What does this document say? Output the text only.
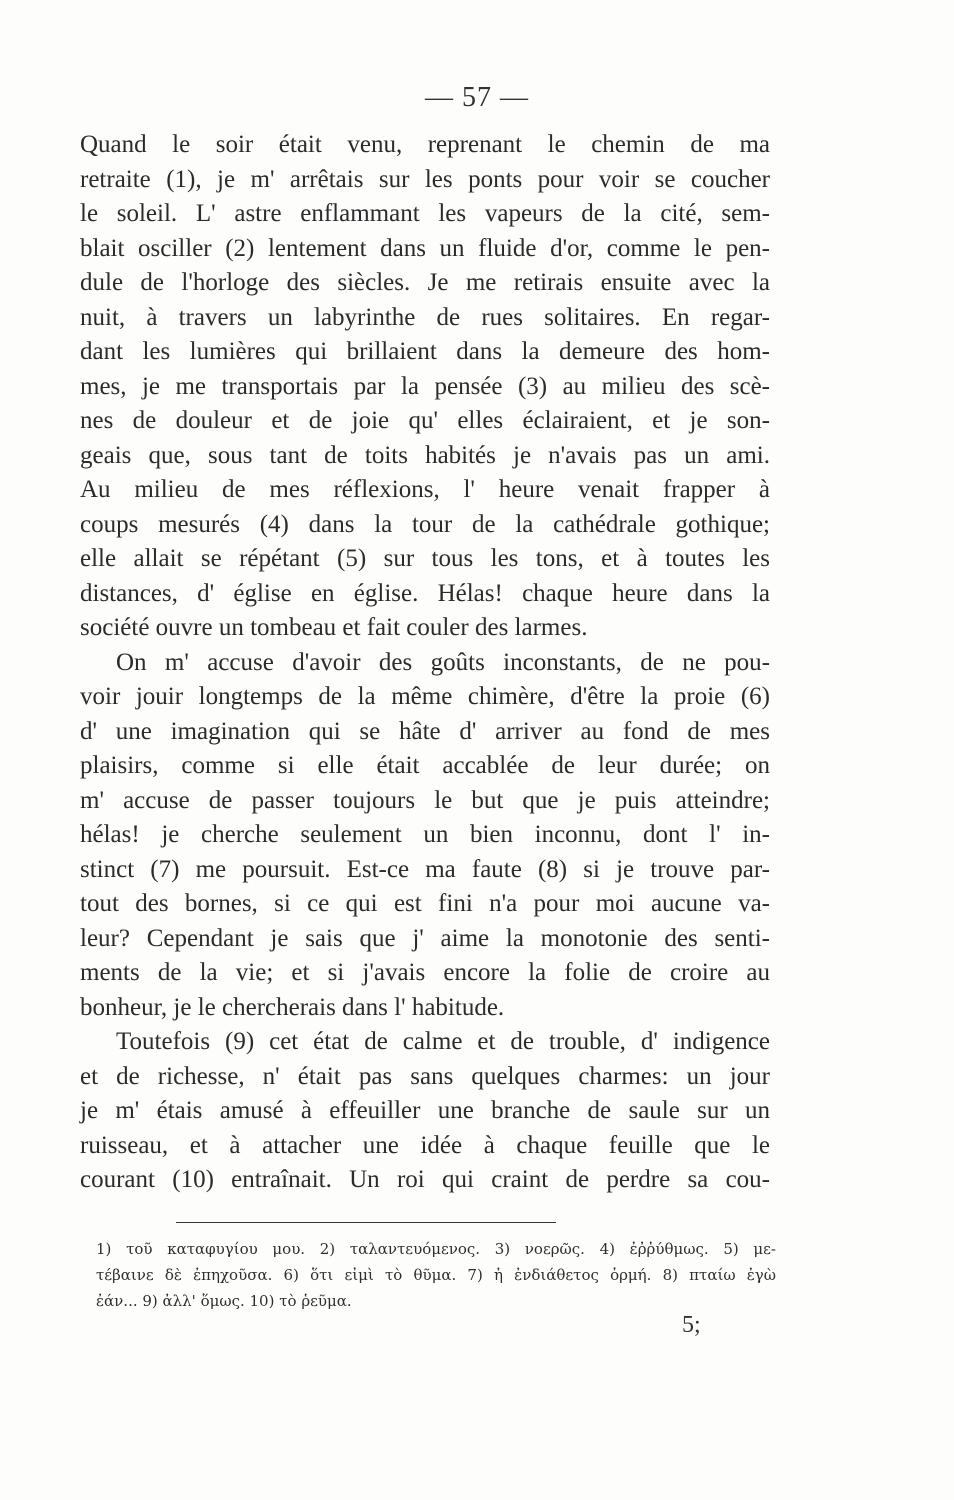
— 57 —
Quand le soir était venu, reprenant le chemin de ma
retraite (1), je m' arrêtais sur les ponts pour voir se coucher
le soleil. L' astre enflammant les vapeurs de la cité, sem-
blait osciller (2) lentement dans un fluide d'or, comme le pen-
dule de l'horloge des siècles. Je me retirais ensuite avec la
nuit, à travers un labyrinthe de rues solitaires. En regar-
dant les lumières qui brillaient dans la demeure des hom-
mes, je me transportais par la pensée (3) au milieu des scè-
nes de douleur et de joie qu' elles éclairaient, et je son-
geais que, sous tant de toits habités je n'avais pas un ami.
Au milieu de mes réflexions, l' heure venait frapper à
coups mesurés (4) dans la tour de la cathédrale gothique;
elle allait se répétant (5) sur tous les tons, et à toutes les
distances, d' église en église. Hélas! chaque heure dans la
société ouvre un tombeau et fait couler des larmes.
On m' accuse d'avoir des goûts inconstants, de ne pou-
voir jouir longtemps de la même chimère, d'être la proie (6)
d' une imagination qui se hâte d' arriver au fond de mes
plaisirs, comme si elle était accablée de leur durée; on
m' accuse de passer toujours le but que je puis atteindre;
hélas! je cherche seulement un bien inconnu, dont l' in-
stinct (7) me poursuit. Est-ce ma faute (8) si je trouve par-
tout des bornes, si ce qui est fini n'a pour moi aucune va-
leur? Cependant je sais que j' aime la monotonie des senti-
ments de la vie; et si j'avais encore la folie de croire au
bonheur, je le chercherais dans l' habitude.
Toutefois (9) cet état de calme et de trouble, d' indigence
et de richesse, n' était pas sans quelques charmes: un jour
je m' étais amusé à effeuiller une branche de saule sur un
ruisseau, et à attacher une idée à chaque feuille que le
courant (10) entraînait. Un roi qui craint de perdre sa cou-
1) τοῦ καταφυγίου μου. 2) ταλαντευόμενος. 3) νοερῶς. 4) ἐῤῥύθμως. 5) με-
τέβαινε δὲ ἐπηχοῦσα. 6) ὅτι εἰμὶ τὸ θῦμα. 7) ἡ ἐνδιάθετος ὁρμή. 8) πταίω ἐγὼ
ἐάν... 9) ἀλλ' ὅμως. 10) τὸ ῥεῦμα.
5;
